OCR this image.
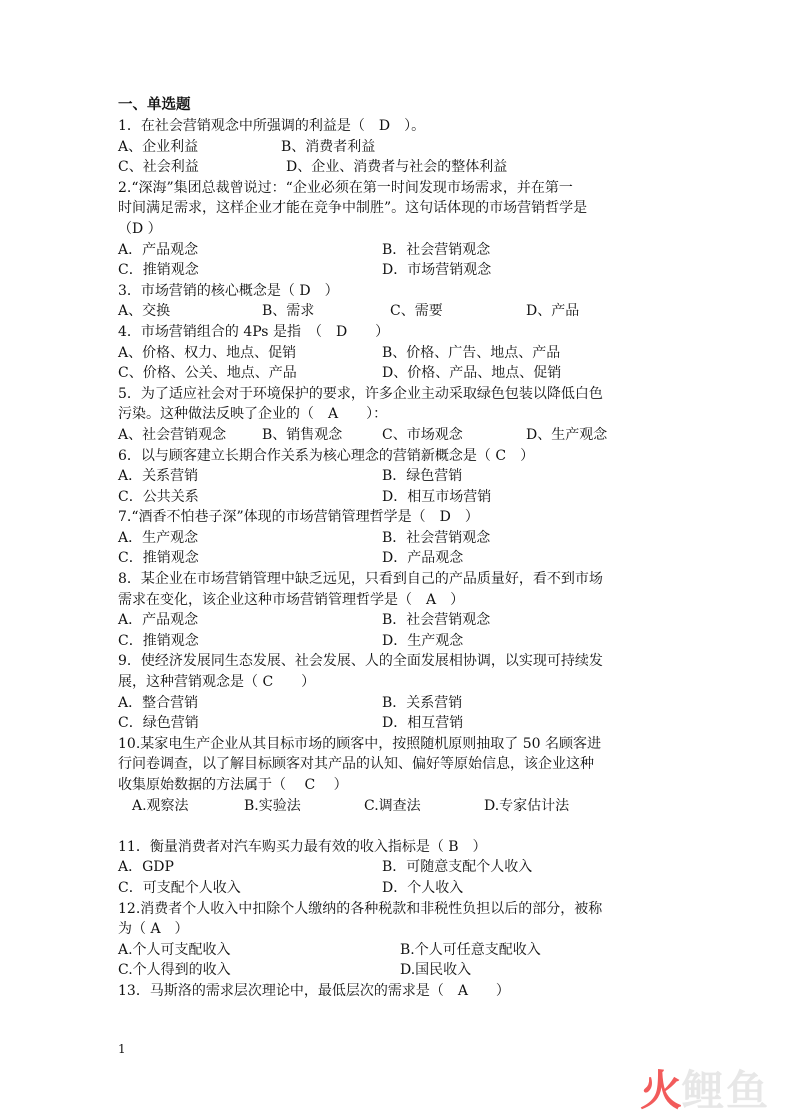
一、单选题
1．在社会营销观念中所强调的利益是（　D　）。
A、企业利益	B、消费者利益
C、社会利益	D、企业、消费者与社会的整体利益
2.“深海”集团总裁曾说过：“企业必须在第一时间发现市场需求，并在第一
时间满足需求，这样企业才能在竞争中制胜”。这句话体现的市场营销哲学是
（D ）
A．产品观念	B．社会营销观念
C．推销观念	D．市场营销观念
3．市场营销的核心概念是（ D　）
A、交换	B、需求	C、需要	D、产品
4．市场营销组合的 4Ps 是指　（　D　　）
A、价格、权力、地点、促销	B、价格、广告、地点、产品
C、价格、公关、地点、产品	D、价格、产品、地点、促销
5．为了适应社会对于环境保护的要求，许多企业主动采取绿色包装以降低白色
污染。这种做法反映了企业的（　A　　）：
A、社会营销观念	B、销售观念	C、市场观念	D、生产观念
6．以与顾客建立长期合作关系为核心理念的营销新概念是（ C　）
A．关系营销	B．绿色营销
C．公共关系	D．相互市场营销
7.“酒香不怕巷子深”体现的市场营销管理哲学是（　D　）
A．生产观念	B．社会营销观念
C．推销观念	D．产品观念
8．某企业在市场营销管理中缺乏远见，只看到自己的产品质量好，看不到市场
需求在变化，该企业这种市场营销管理哲学是（　A　）
A．产品观念	B．社会营销观念
C．推销观念	D．生产观念
9．使经济发展同生态发展、社会发展、人的全面发展相协调，以实现可持续发
展，这种营销观念是（ C　　）
A．整合营销	B．关系营销
C．绿色营销	D．相互营销
10.某家电生产企业从其目标市场的顾客中，按照随机原则抽取了 50 名顾客进
行问卷调查，以了解目标顾客对其产品的认知、偏好等原始信息，该企业这种
收集原始数据的方法属于（　 C　 ）
A.观察法	B.实验法	C.调查法	D.专家估计法
11．衡量消费者对汽车购买力最有效的收入指标是（ B　）
A．GDP	B．可随意支配个人收入
C．可支配个人收入	D．个人收入
12.消费者个人收入中扣除个人缴纳的各种税款和非税性负担以后的部分，被称
为（ A　）
A.个人可支配收入	B.个人可任意支配收入
C.个人得到的收入	D.国民收入
13．马斯洛的需求层次理论中，最低层次的需求是（　A　　）
1
火 鲤鱼
